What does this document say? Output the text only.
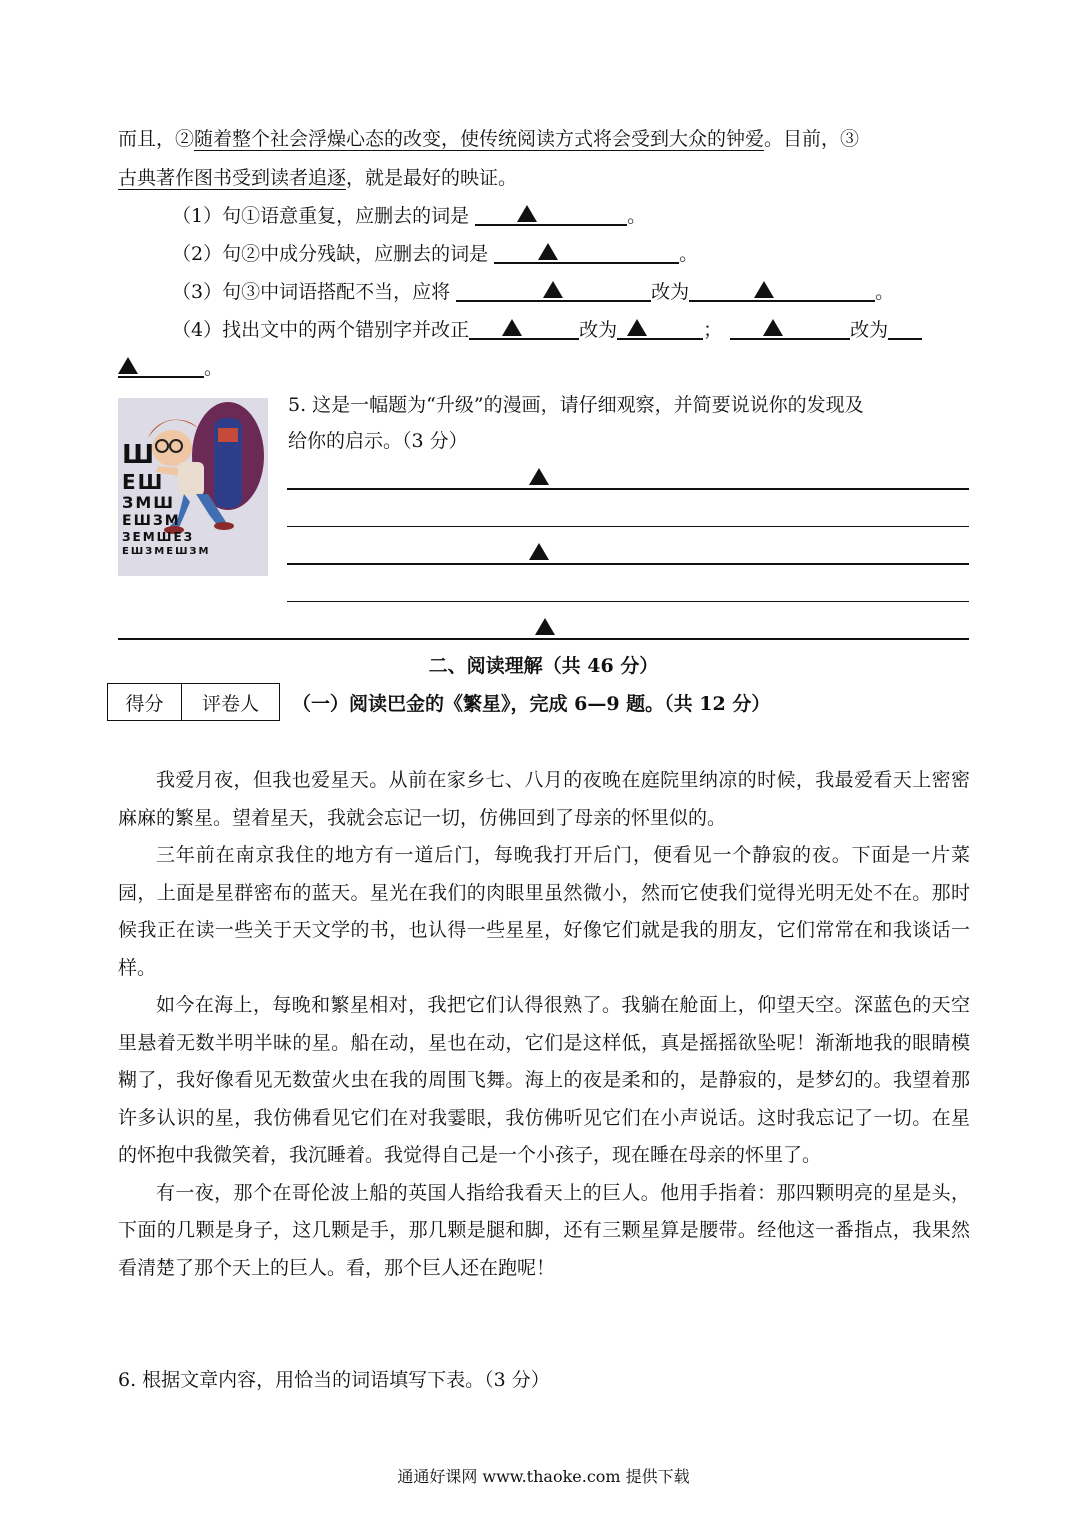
而且，②随着整个社会浮燥心态的改变，使传统阅读方式将会受到大众的钟爱。目前，③
古典著作图书受到读者追逐，就是最好的映证。
（1）句①语意重复，应删去的词是	。
（2）句②中成分残缺，应删去的词是	。
（3）句③中词语搭配不当，应将	改为	。
（4）找出文中的两个错别字并改正	改为	；	改为
。
Ш
ЕШ
ЗМШ
ЕШЗМ
ЗЕМШЕЗ
ЕШЗМЕШЗМ
5. 这是一幅题为“升级”的漫画，请仔细观察，并简要说说你的发现及
给你的启示。（3 分）
二、阅读理解（共 46 分）
得分 评卷人 （一）阅读巴金的《繁星》，完成 6—9 题。（共 12 分）

我爱月夜，但我也爱星天。从前在家乡七、八月的夜晚在庭院里纳凉的时候，我最爱看天上密密麻麻的繁星。望着星天，我就会忘记一切，仿佛回到了母亲的怀里似的。

三年前在南京我住的地方有一道后门，每晚我打开后门，便看见一个静寂的夜。下面是一片菜园，上面是星群密布的蓝天。星光在我们的肉眼里虽然微小，然而它使我们觉得光明无处不在。那时候我正在读一些关于天文学的书，也认得一些星星，好像它们就是我的朋友，它们常常在和我谈话一样。

如今在海上，每晚和繁星相对，我把它们认得很熟了。我躺在舱面上，仰望天空。深蓝色的天空里悬着无数半明半昧的星。船在动，星也在动，它们是这样低，真是摇摇欲坠呢！渐渐地我的眼睛模糊了，我好像看见无数萤火虫在我的周围飞舞。海上的夜是柔和的，是静寂的，是梦幻的。我望着那许多认识的星，我仿佛看见它们在对我霎眼，我仿佛听见它们在小声说话。这时我忘记了一切。在星的怀抱中我微笑着，我沉睡着。我觉得自己是一个小孩子，现在睡在母亲的怀里了。

有一夜，那个在哥伦波上船的英国人指给我看天上的巨人。他用手指着：那四颗明亮的星是头，下面的几颗是身子，这几颗是手，那几颗是腿和脚，还有三颗星算是腰带。经他这一番指点，我果然看清楚了那个天上的巨人。看，那个巨人还在跑呢！

6. 根据文章内容，用恰当的词语填写下表。（3 分）
通通好课网 www.thaoke.com 提供下载
